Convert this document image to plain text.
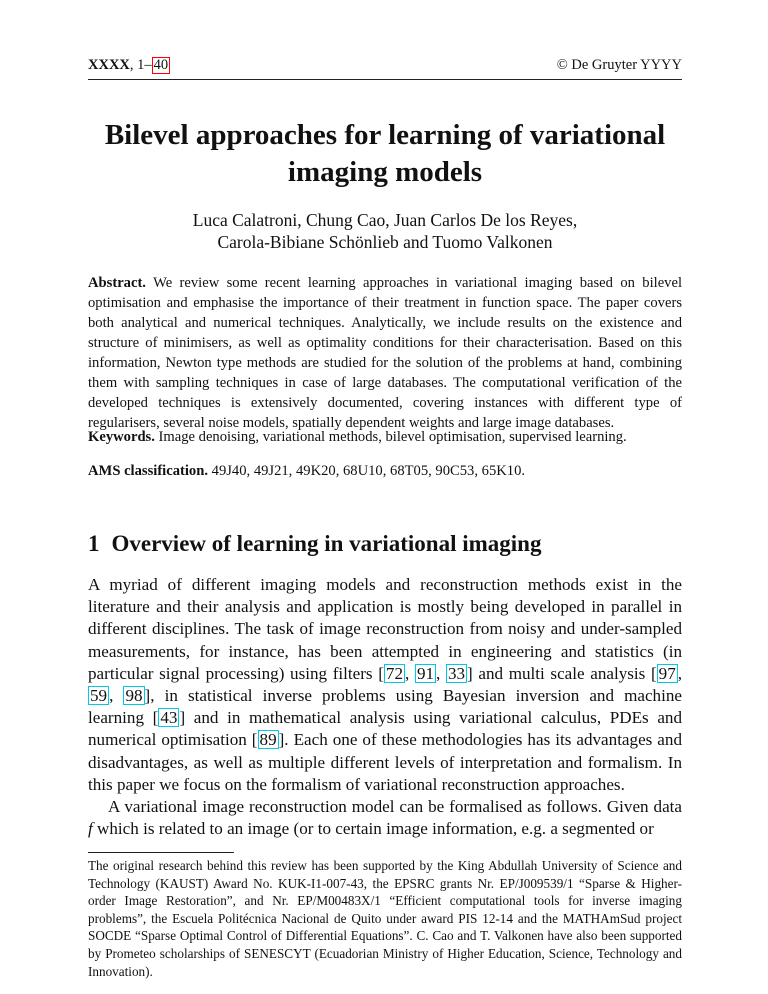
XXXX, 1– 40	© De Gruyter YYYY
Bilevel approaches for learning of variational
imaging models
Luca Calatroni, Chung Cao, Juan Carlos De los Reyes,
Carola-Bibiane Schönlieb and Tuomo Valkonen
Abstract. We review some recent learning approaches in variational imaging based on bilevel optimisation and emphasise the importance of their treatment in function space. The paper covers both analytical and numerical techniques. Analytically, we include results on the existence and structure of minimisers, as well as optimality conditions for their characterisation. Based on this information, Newton type methods are studied for the solution of the problems at hand, combining them with sampling techniques in case of large databases. The computational verification of the developed techniques is extensively documented, covering instances with different type of regularisers, several noise models, spatially dependent weights and large image databases.
Keywords. Image denoising, variational methods, bilevel optimisation, supervised learning.
AMS classification. 49J40, 49J21, 49K20, 68U10, 68T05, 90C53, 65K10.
1 Overview of learning in variational imaging

A myriad of different imaging models and reconstruction methods exist in the literature and their analysis and application is mostly being developed in parallel in different disciplines. The task of image reconstruction from noisy and under-sampled measurements, for instance, has been attempted in engineering and statistics (in particular signal processing) using filters [ 72 , 91 , 33 ] and multi scale analysis [ 97 , 59 , 98 ], in statistical inverse problems using Bayesian inversion and machine learning [ 43 ] and in mathematical analysis using variational calculus, PDEs and numerical optimisation [ 89 ]. Each one of these methodologies has its advantages and disadvantages, as well as multiple different levels of interpretation and formalism. In this paper we focus on the formalism of variational reconstruction approaches.

A variational image reconstruction model can be formalised as follows. Given data f which is related to an image (or to certain image information, e.g. a segmented or

The original research behind this review has been supported by the King Abdullah University of Science and Technology (KAUST) Award No. KUK-I1-007-43, the EPSRC grants Nr. EP/J009539/1 “Sparse & Higher-order Image Restoration”, and Nr. EP/M00483X/1 “Efficient computational tools for inverse imaging problems”, the Escuela Politécnica Nacional de Quito under award PIS 12-14 and the MATHAmSud project SOCDE “Sparse Optimal Control of Differential Equations”. C. Cao and T. Valkonen have also been supported by Prometeo scholarships of SENESCYT (Ecuadorian Ministry of Higher Education, Science, Technology and Innovation).
